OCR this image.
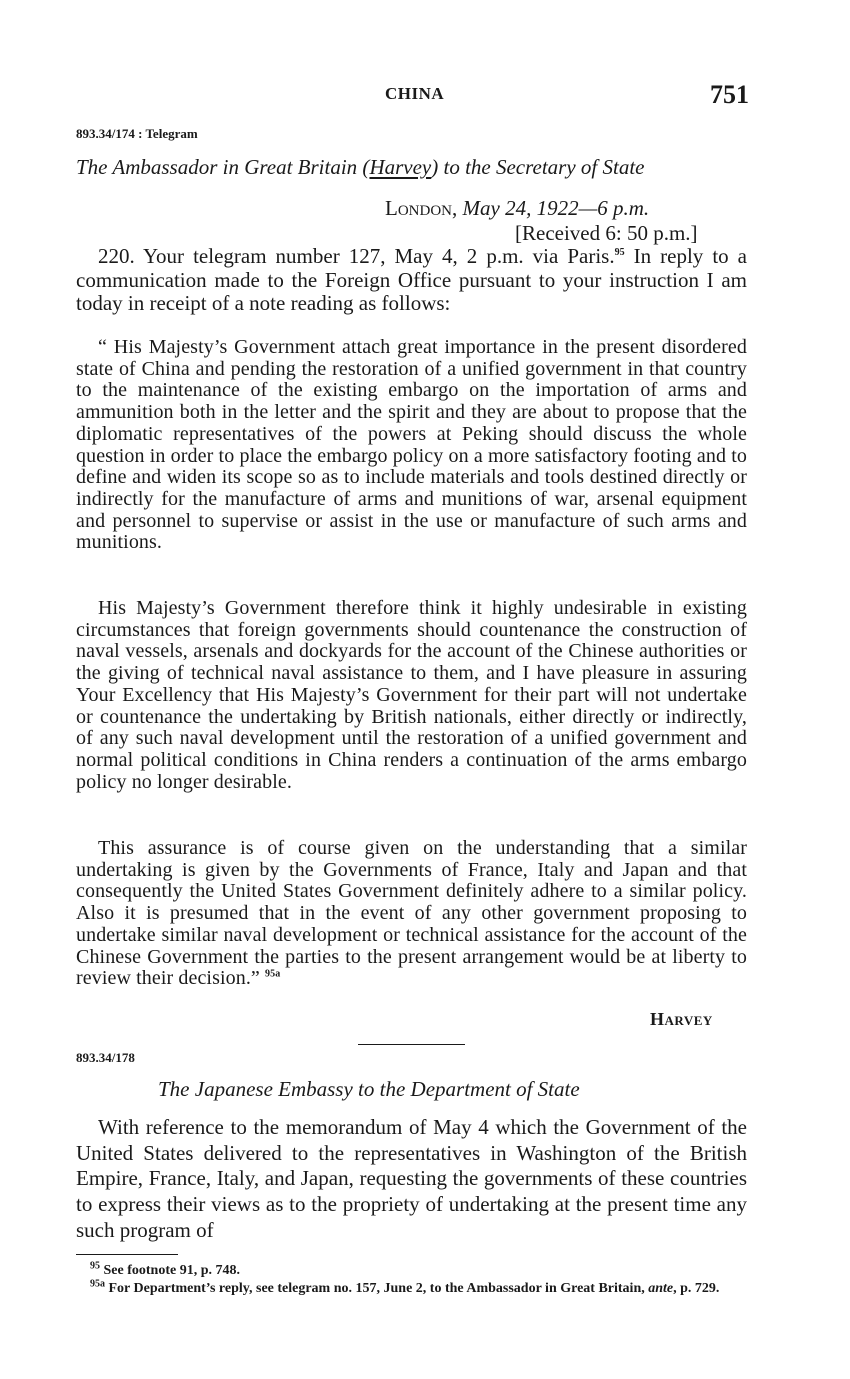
CHINA	751
893.34/174 : Telegram
The Ambassador in Great Britain (Harvey) to the Secretary of State
London, May 24, 1922—6 p.m.
[Received 6: 50 p.m.]
220. Your telegram number 127, May 4, 2 p.m. via Paris.$^{95}$ In reply to a communication made to the Foreign Office pursuant to your instruction I am today in receipt of a note reading as follows:
“ His Majesty’s Government attach great importance in the present disordered state of China and pending the restoration of a unified government in that country to the maintenance of the existing embargo on the importation of arms and ammunition both in the letter and the spirit and they are about to propose that the diplomatic representatives of the powers at Peking should discuss the whole question in order to place the embargo policy on a more satisfactory footing and to define and widen its scope so as to include materials and tools destined directly or indirectly for the manufacture of arms and munitions of war, arsenal equipment and personnel to supervise or assist in the use or manufacture of such arms and munitions.
His Majesty’s Government therefore think it highly undesirable in existing circumstances that foreign governments should countenance the construction of naval vessels, arsenals and dockyards for the account of the Chinese authorities or the giving of technical naval assistance to them, and I have pleasure in assuring Your Excellency that His Majesty’s Government for their part will not undertake or countenance the undertaking by British nationals, either directly or indirectly, of any such naval development until the restoration of a unified government and normal political conditions in China renders a continuation of the arms embargo policy no longer desirable.
This assurance is of course given on the understanding that a similar undertaking is given by the Governments of France, Italy and Japan and that consequently the United States Government definitely adhere to a similar policy. Also it is presumed that in the event of any other government proposing to undertake similar naval development or technical assistance for the account of the Chinese Government the parties to the present arrangement would be at liberty to review their decision.” $^{95a}$
Harvey
893.34/178
The Japanese Embassy to the Department of State
With reference to the memorandum of May 4 which the Government of the United States delivered to the representatives in Washington of the British Empire, France, Italy, and Japan, requesting the governments of these countries to express their views as to the propriety of undertaking at the present time any such program of
$^{95}$ See footnote 91, p. 748.
$^{95a}$ For Department’s reply, see telegram no. 157, June 2, to the Ambassador in Great Britain, ante, p. 729.
